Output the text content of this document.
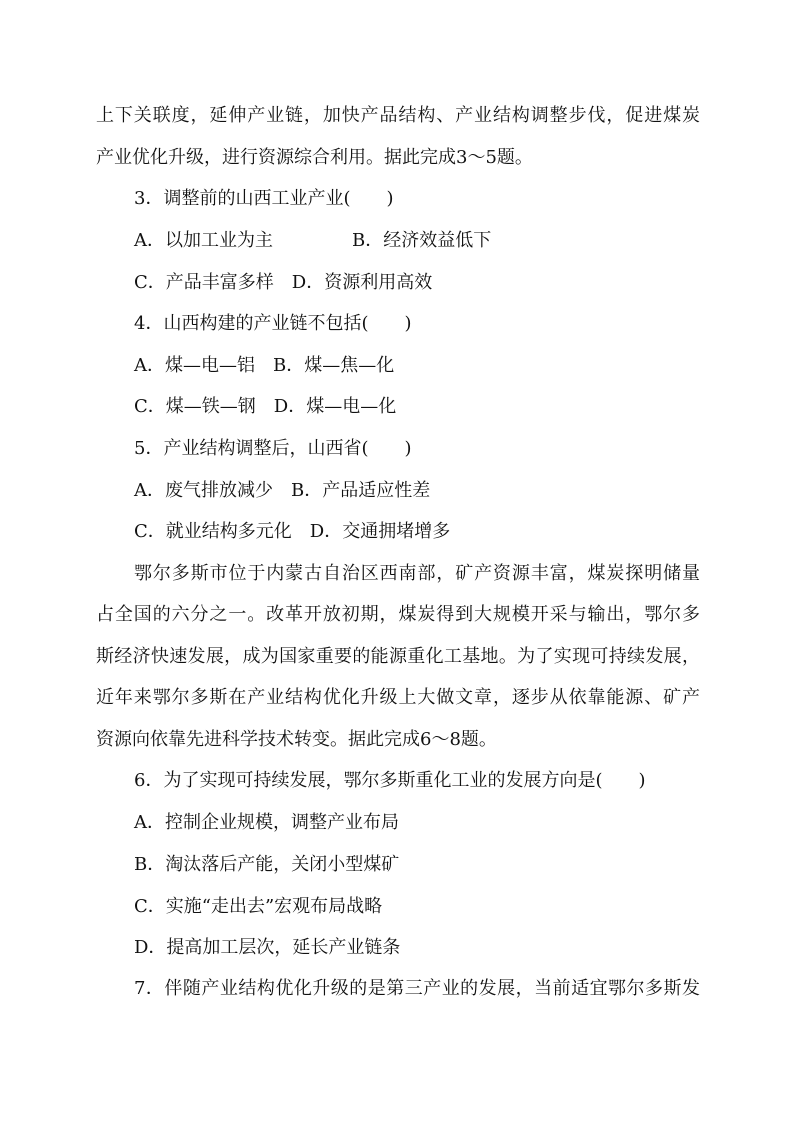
上下关联度，延伸产业链，加快产品结构、产业结构调整步伐，促进煤炭
产业优化升级，进行资源综合利用。据此完成3～5题。
3．调整前的山西工业产业(　　)
A．以加工业为主	B．经济效益低下
C．产品丰富多样　D．资源利用高效
4．山西构建的产业链不包括(　　)
A．煤—电—铝　B．煤—焦—化
C．煤—铁—钢　D．煤—电—化
5．产业结构调整后，山西省(　　)
A．废气排放减少　B．产品适应性差
C．就业结构多元化　D．交通拥堵增多
鄂尔多斯市位于内蒙古自治区西南部，矿产资源丰富，煤炭探明储量
占全国的六分之一。改革开放初期，煤炭得到大规模开采与输出，鄂尔多
斯经济快速发展，成为国家重要的能源重化工基地。为了实现可持续发展，
近年来鄂尔多斯在产业结构优化升级上大做文章，逐步从依靠能源、矿产
资源向依靠先进科学技术转变。据此完成6～8题。
6．为了实现可持续发展，鄂尔多斯重化工业的发展方向是(　　)
A．控制企业规模，调整产业布局
B．淘汰落后产能，关闭小型煤矿
C．实施“走出去”宏观布局战略
D．提高加工层次，延长产业链条
7．伴随产业结构优化升级的是第三产业的发展，当前适宜鄂尔多斯发
